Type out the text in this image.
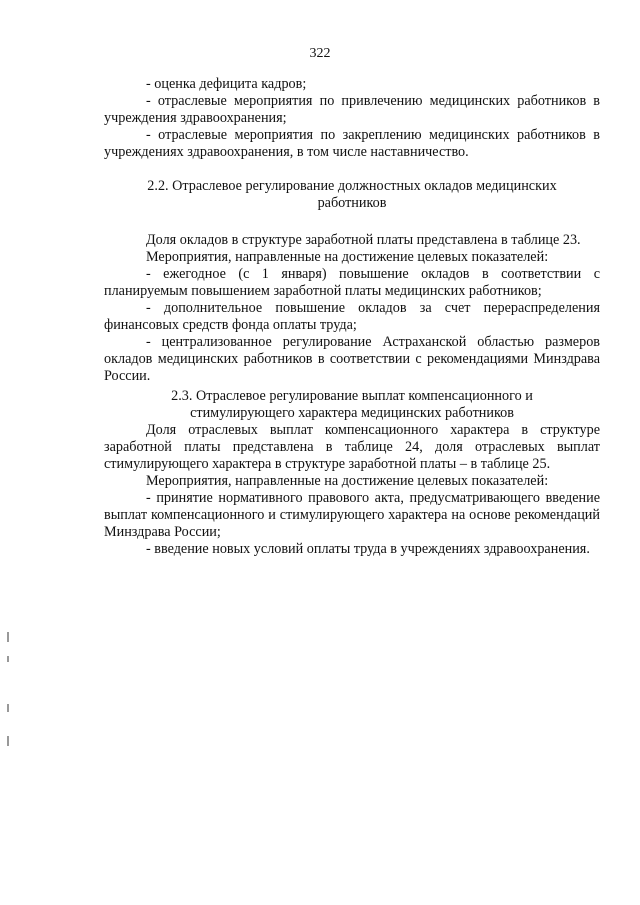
322

- оценка дефицита кадров;

- отраслевые мероприятия по привлечению медицинских работников в учреждения здравоохранения;

- отраслевые мероприятия по закреплению медицинских работников в учреждениях здравоохранения, в том числе наставничество.

2.2. Отраслевое регулирование должностных окладов медицинских работников

Доля окладов в структуре заработной платы представлена в таблице 23.

Мероприятия, направленные на достижение целевых показателей:

- ежегодное (с 1 января) повышение окладов в соответствии с планируемым повышением заработной платы медицинских работников;

- дополнительное повышение окладов за счет перераспределения финансовых средств фонда оплаты труда;

- централизованное регулирование Астраханской областью размеров окладов медицинских работников в соответствии с рекомендациями Минздрава России.

2.3. Отраслевое регулирование выплат компенсационного и стимулирующего характера медицинских работников

Доля отраслевых выплат компенсационного характера в структуре заработной платы представлена в таблице 24, доля отраслевых выплат стимулирующего характера в структуре заработной платы – в таблице 25.

Мероприятия, направленные на достижение целевых показателей:

- принятие нормативного правового акта, предусматривающего введение выплат компенсационного и стимулирующего характера на основе рекомендаций Минздрава России;

- введение новых условий оплаты труда в учреждениях здравоохранения.
